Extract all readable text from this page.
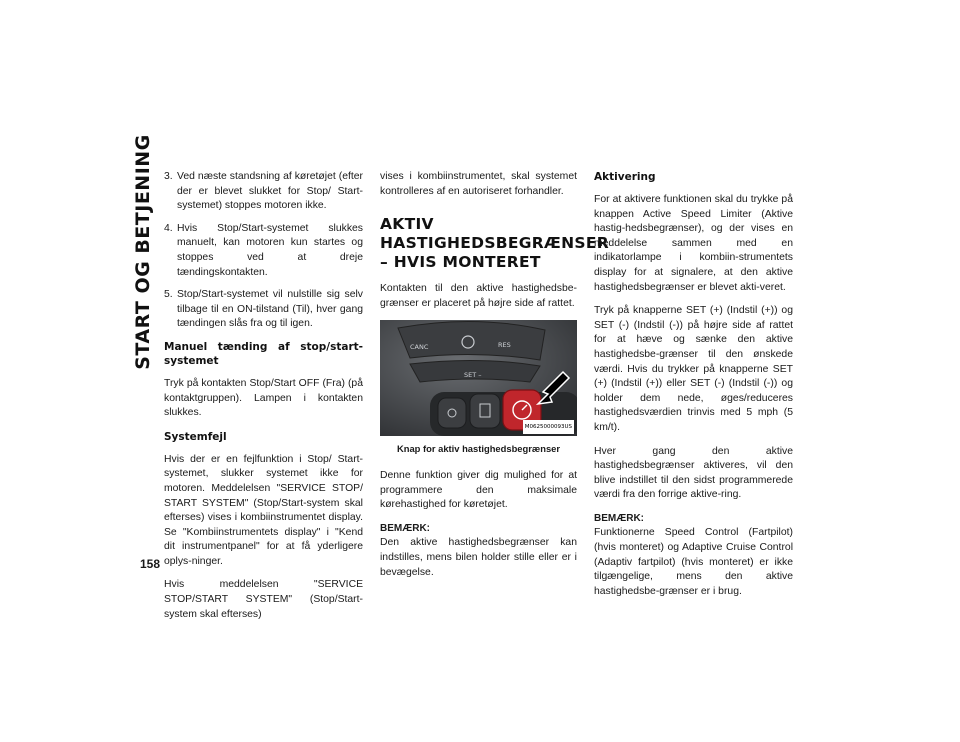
START OG BETJENING
158
3. Ved næste standsning af køretøjet (efter der er blevet slukket for Stop/ Start-systemet) stoppes motoren ikke.
4. Hvis Stop/Start-systemet slukkes manuelt, kan motoren kun startes og stoppes ved at dreje tændingskontakten.
5. Stop/Start-systemet vil nulstille sig selv tilbage til en ON-tilstand (Til), hver gang tændingen slås fra og til igen.
Manuel tænding af stop/start-systemet

Tryk på kontakten Stop/Start OFF (Fra) (på kontaktgruppen). Lampen i kontakten slukkes.

Systemfejl

Hvis der er en fejlfunktion i Stop/ Start-systemet, slukker systemet ikke for motoren. Meddelelsen "SERVICE STOP/ START SYSTEM" (Stop/Start-system skal efterses) vises i kombiinstrumentet display. Se "Kombiinstrumentets display" i "Kend dit instrumentpanel" for at få yderligere oplys-ninger.

Hvis meddelelsen "SERVICE STOP/START SYSTEM" (Stop/Start-system skal efterses)

vises i kombiinstrumentet, skal systemet kontrolleres af en autoriseret forhandler.

AKTIV HASTIGHEDSBEGRÆNSER – HVIS MONTERET

Kontakten til den aktive hastighedsbe-grænser er placeret på højre side af rattet.

CANC	RES
SET –
M0625000093US
Knap for aktiv hastighedsbegrænser

Denne funktion giver dig mulighed for at programmere den maksimale kørehastighed for køretøjet.

BEMÆRK:
Den aktive hastighedsbegrænser kan indstilles, mens bilen holder stille eller er i bevægelse.

Aktivering

For at aktivere funktionen skal du trykke på knappen Active Speed Limiter (Aktive hastig-hedsbegrænser), og der vises en meddelelse sammen med en indikatorlampe i kombiin-strumentets display for at signalere, at den aktive hastighedsbegrænser er blevet akti-veret.

Tryk på knapperne SET (+) (Indstil (+)) og SET (-) (Indstil (-)) på højre side af rattet for at hæve og sænke den aktive hastighedsbe-grænser til den ønskede værdi. Hvis du trykker på knapperne SET (+) (Indstil (+)) eller SET (-) (Indstil (-)) og holder dem nede, øges/reduceres hastighedsværdien trinvis med 5 mph (5 km/t).

Hver gang den aktive hastighedsbegrænser aktiveres, vil den blive indstillet til den sidst programmerede værdi fra den forrige aktive-ring.

BEMÆRK:
Funktionerne Speed Control (Fartpilot) (hvis monteret) og Adaptive Cruise Control (Adaptiv fartpilot) (hvis monteret) er ikke tilgængelige, mens den aktive hastighedsbe-grænser er i brug.
